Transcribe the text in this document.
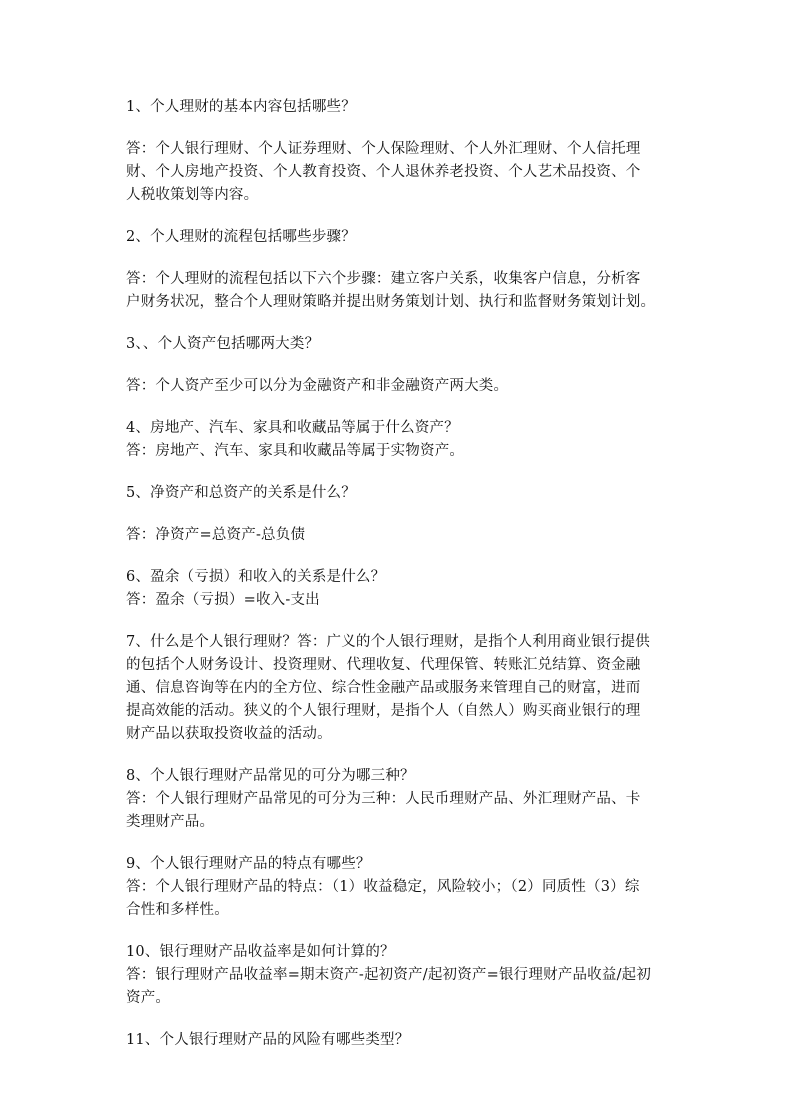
1、个人理财的基本内容包括哪些？
答：个人银行理财、个人证券理财、个人保险理财、个人外汇理财、个人信托理
财、个人房地产投资、个人教育投资、个人退休养老投资、个人艺术品投资、个
人税收策划等内容。
2、个人理财的流程包括哪些步骤？
答：个人理财的流程包括以下六个步骤：建立客户关系，收集客户信息，分析客
户财务状况，整合个人理财策略并提出财务策划计划、执行和监督财务策划计划。
3、、个人资产包括哪两大类？
答：个人资产至少可以分为金融资产和非金融资产两大类。
4、房地产、汽车、家具和收藏品等属于什么资产？
答：房地产、汽车、家具和收藏品等属于实物资产。
5、净资产和总资产的关系是什么？
答：净资产=总资产-总负债
6、盈余（亏损）和收入的关系是什么？
答：盈余（亏损）=收入-支出
7、什么是个人银行理财？答：广义的个人银行理财，是指个人利用商业银行提供
的包括个人财务设计、投资理财、代理收复、代理保管、转账汇兑结算、资金融
通、信息咨询等在内的全方位、综合性金融产品或服务来管理自己的财富，进而
提高效能的活动。狭义的个人银行理财，是指个人（自然人）购买商业银行的理
财产品以获取投资收益的活动。
8、个人银行理财产品常见的可分为哪三种？
答：个人银行理财产品常见的可分为三种：人民币理财产品、外汇理财产品、卡
类理财产品。
9、个人银行理财产品的特点有哪些？
答：个人银行理财产品的特点：（1）收益稳定，风险较小；（2）同质性（3）综
合性和多样性。
10、银行理财产品收益率是如何计算的？
答：银行理财产品收益率=期末资产-起初资产/起初资产=银行理财产品收益/起初
资产。
11、个人银行理财产品的风险有哪些类型？
